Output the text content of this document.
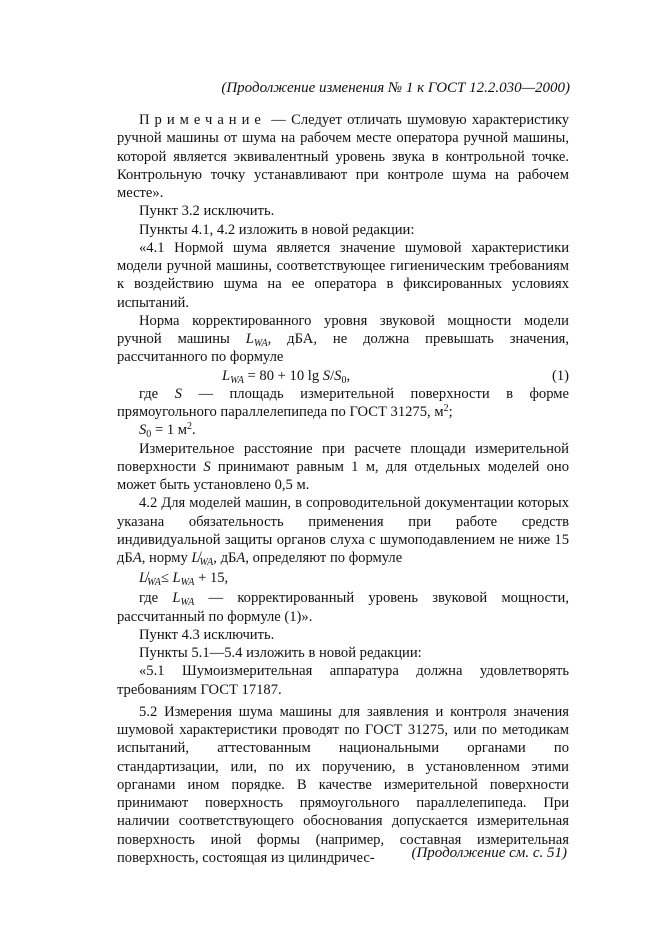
(Продолжение изменения № 1 к ГОСТ 12.2.030—2000)

Примечание — Следует отличать шумовую характеристику ручной машины от шума на рабочем месте оператора ручной машины, которой является эквивалентный уровень звука в контрольной точке. Контрольную точку устанавливают при контроле шума на рабочем месте».

Пункт 3.2 исключить.

Пункты 4.1, 4.2 изложить в новой редакции:

«4.1 Нормой шума является значение шумовой характеристики модели ручной машины, соответствующее гигиеническим требованиям к воздействию шума на ее оператора в фиксированных условиях испытаний.

Норма корректированного уровня звуковой мощности модели ручной машины $L_{WA}$, дБА, не должна превышать значения, рассчитанного по формуле

$L_{WA} = 80 + 10$ $\lg S/S_0$,	(1)

где S — площадь измерительной поверхности в форме прямоугольного параллелепипеда по ГОСТ 31275, $м^2$;

$S_0 = 1$ $м^2$.

Измерительное расстояние при расчете площади измерительной поверхности S принимают равным 1 м, для отдельных моделей оно может быть установлено 0,5 м.

4.2 Для моделей машин, в сопроводительной документации которых указана обязательность применения при работе средств индивидуальной защиты органов слуха с шумоподавлением не ниже 15 дБA, норму $L̸_{WA}$, дБA, определяют по формуле

$L̸_{WA}\le L_{WA} + 15$,

где $L_{WA}$ — корректированный уровень звуковой мощности, рассчитанный по формуле (1)».

Пункт 4.3 исключить.

Пункты 5.1—5.4 изложить в новой редакции:

«5.1 Шумоизмерительная аппаратура должна удовлетворять требованиям ГОСТ 17187.

5.2 Измерения шума машины для заявления и контроля значения шумовой характеристики проводят по ГОСТ 31275, или по методикам испытаний, аттестованным национальными органами по стандартизации, или, по их поручению, в установленном этими органами ином порядке. В качестве измерительной поверхности принимают поверхность прямоугольного параллелепипеда. При наличии соответствующего обоснования допускается измерительная поверхность иной формы (например, составная измерительная поверхность, состоящая из цилиндричес-	(Продолжение см. с. 51)
